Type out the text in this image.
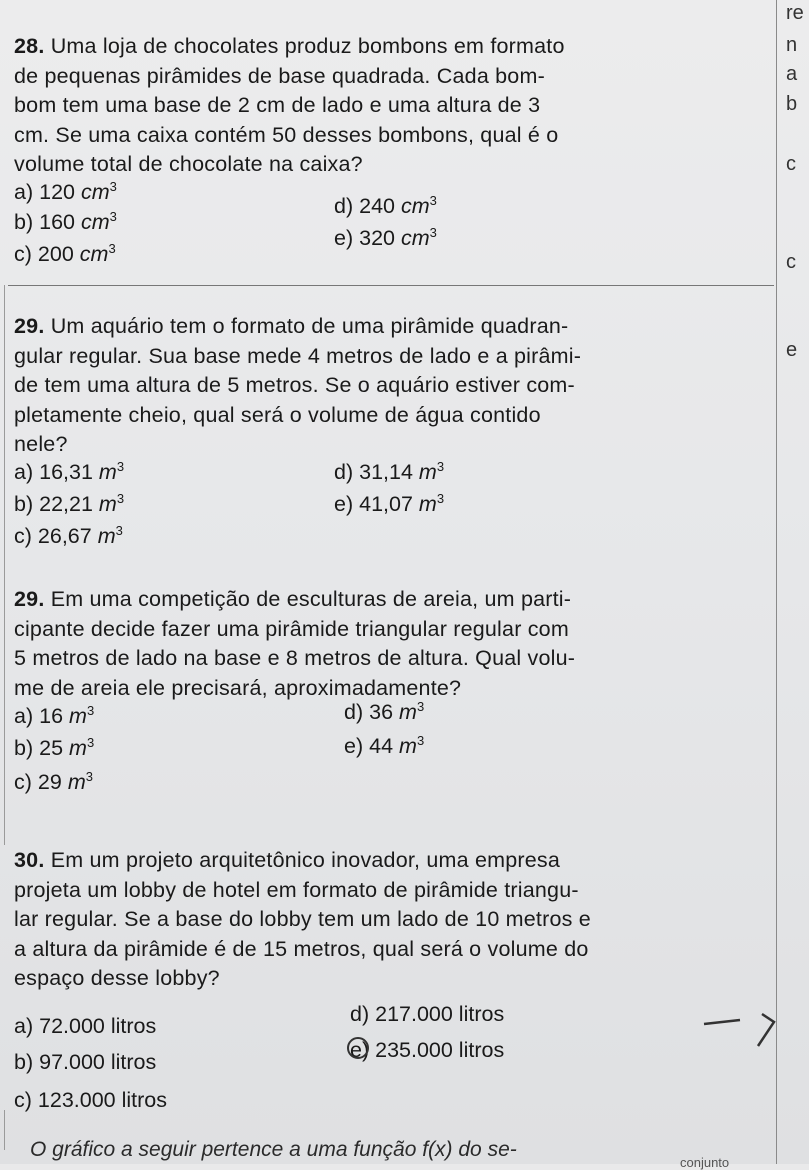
re
n
a
b
c
c
e
28. Uma loja de chocolates produz bombons em formato
de pequenas pirâmides de base quadrada. Cada bom-
bom tem uma base de 2 cm de lado e uma altura de 3
cm. Se uma caixa contém 50 desses bombons, qual é o
volume total de chocolate na caixa?
a) 120 $cm^3$
b) 160 $cm^3$
c) 200 $cm^3$
d) 240 $cm^3$
e) 320 $cm^3$
29. Um aquário tem o formato de uma pirâmide quadran-
gular regular. Sua base mede 4 metros de lado e a pirâmi-
de tem uma altura de 5 metros. Se o aquário estiver com-
pletamente cheio, qual será o volume de água contido
nele?
a) 16,31 $m^3$
b) 22,21 $m^3$
c) 26,67 $m^3$
d) 31,14 $m^3$
e) 41,07 $m^3$
29. Em uma competição de esculturas de areia, um parti-
cipante decide fazer uma pirâmide triangular regular com
5 metros de lado na base e 8 metros de altura. Qual volu-
me de areia ele precisará, aproximadamente?
a) 16 $m^3$
b) 25 $m^3$
c) 29 $m^3$
d) 36 $m^3$
e) 44 $m^3$
30. Em um projeto arquitetônico inovador, uma empresa
projeta um lobby de hotel em formato de pirâmide triangu-
lar regular. Se a base do lobby tem um lado de 10 metros e
a altura da pirâmide é de 15 metros, qual será o volume do
espaço desse lobby?
a) 72.000 litros
b) 97.000 litros
c) 123.000 litros
d) 217.000 litros
e) 235.000 litros
O gráfico a seguir pertence a uma função f(x) do se-
conjunto
